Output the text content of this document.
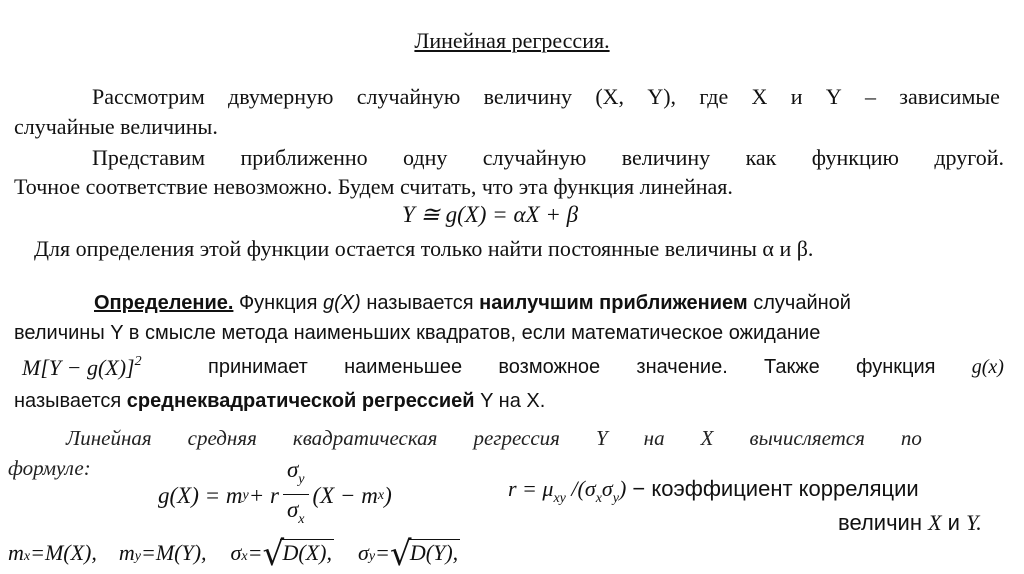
Линейная регрессия.
Рассмотрим двумерную случайную величину (X, Y), где X и Y – зависимые
случайные величины.
Представим приближенно одну случайную величину как функцию другой.
Точное соответствие невозможно. Будем считать, что эта функция линейная.
Y ≅ g(X) = αX + β
Для определения этой функции остается только найти постоянные величины α и β.
Определение. Функция g(X) называется наилучшим приближением случайной
величины Y в смысле метода наименьших квадратов, если математическое ожидание
$M[Y - g(X)]^2$	принимает наименьшее возможное значение. Также функция g(x)
называется среднеквадратической регрессией Y на X.
Линейная средняя квадратическая регрессия Y на X вычисляется по
формуле:
g(X) = m y + r $\frac{\sigma_y}{\sigma_x} (X - m$ x )	$r = \mu_{xy}$ $/(\sigma_x\sigma_y)$ − коэффициент корреляции
величин X и Y.
m x =M(X), m y =M(Y), σ x = √
D(X), σ y = √
D(Y),
